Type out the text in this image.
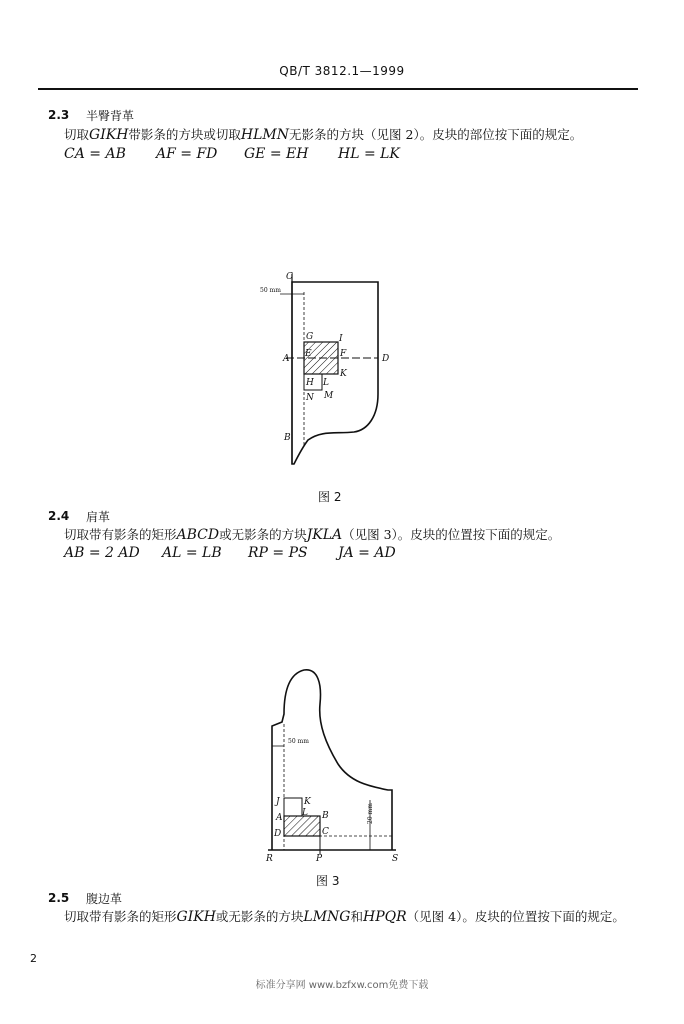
QB/T 3812.1—1999
2.3 半臀背革
切取GIKH带影条的方块或切取HLMN无影条的方块（见图 2）。皮块的部位按下面的规定。
CA = AB AF = FD GE = EH HL = LK
C
50 mm
A	D
B
G	I
E	F
H L
K
N M
图 2
2.4 肩革
切取带有影条的矩形ABCD或无影条的方块JKLA（见图 3）。皮块的位置按下面的规定。
AB = 2 AD AL = LB RP = PS JA = AD
50 mm
20 mm
J	K
A L B
D	C
R	P	S
图 3
2.5 腹边革
切取带有影条的矩形GIKH或无影条的方块LMNG和HPQR（见图 4）。皮块的位置按下面的规定。
2
标准分享网 www.bzfxw.com免费下载
